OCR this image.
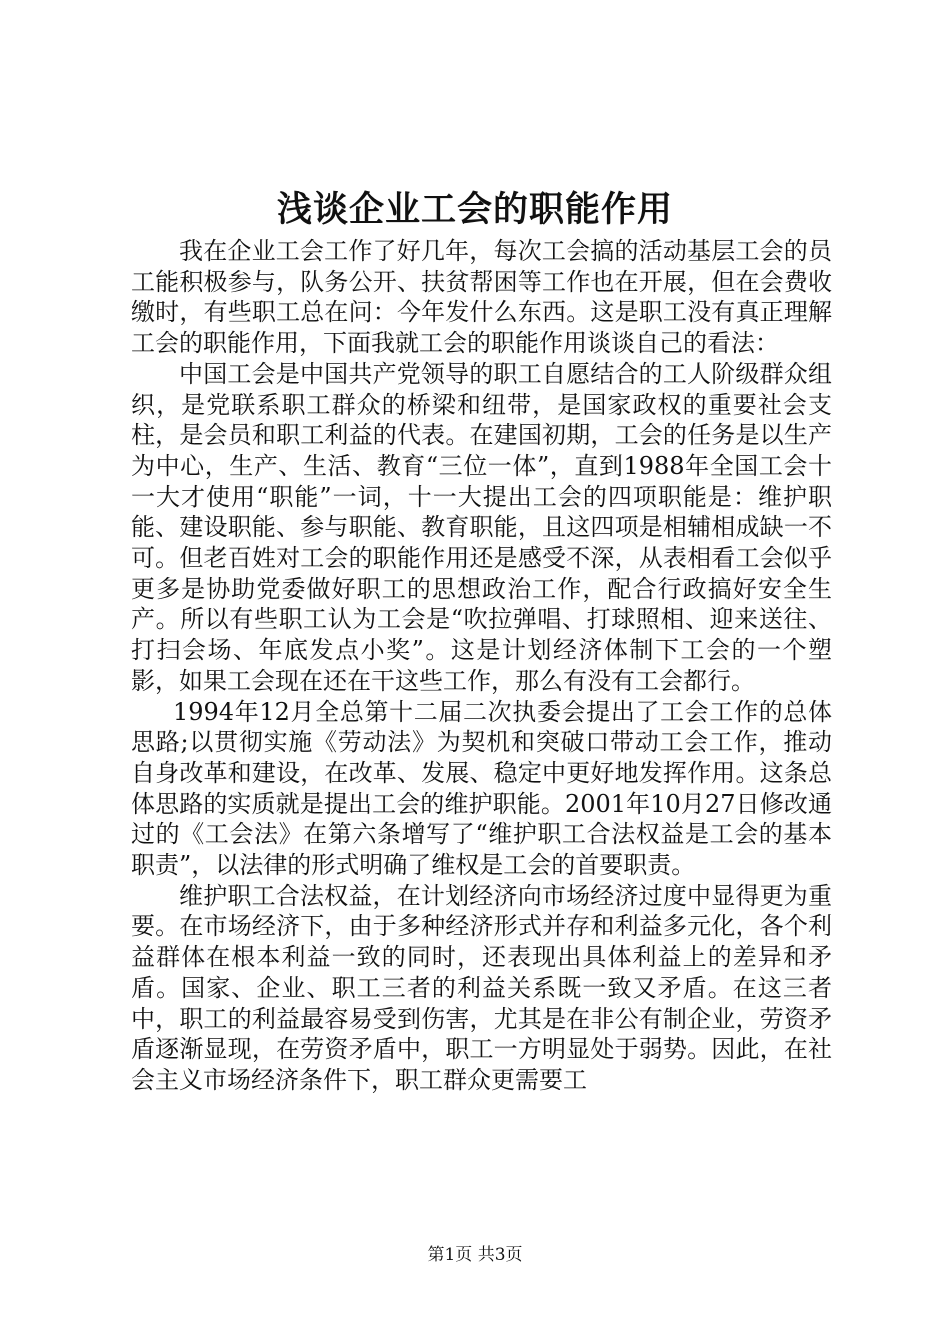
浅谈企业工会的职能作用

我在企业工会工作了好几年，每次工会搞的活动基层工会的员工能积极参与，队务公开、扶贫帮困等工作也在开展，但在会费收缴时，有些职工总在问：今年发什么东西。这是职工没有真正理解工会的职能作用，下面我就工会的职能作用谈谈自己的看法：

中国工会是中国共产党领导的职工自愿结合的工人阶级群众组织，是党联系职工群众的桥梁和纽带，是国家政权的重要社会支柱，是会员和职工利益的代表。在建国初期，工会的任务是以生产为中心，生产、生活、教育“三位一体”，直到1988年全国工会十一大才使用“职能”一词，十一大提出工会的四项职能是：维护职能、建设职能、参与职能、教育职能，且这四项是相辅相成缺一不可。但老百姓对工会的职能作用还是感受不深，从表相看工会似乎更多是协助党委做好职工的思想政治工作，配合行政搞好安全生产。所以有些职工认为工会是“吹拉弹唱、打球照相、迎来送往、打扫会场、年底发点小奖”。这是计划经济体制下工会的一个塑影，如果工会现在还在干这些工作，那么有没有工会都行。

1994年12月全总第十二届二次执委会提出了工会工作的总体思路;以贯彻实施《劳动法》为契机和突破口带动工会工作，推动自身改革和建设，在改革、发展、稳定中更好地发挥作用。这条总体思路的实质就是提出工会的维护职能。2001年10月27日修改通过的《工会法》在第六条增写了“维护职工合法权益是工会的基本职责”，以法律的形式明确了维权是工会的首要职责。

维护职工合法权益，在计划经济向市场经济过度中显得更为重要。在市场经济下，由于多种经济形式并存和利益多元化，各个利益群体在根本利益一致的同时，还表现出具体利益上的差异和矛盾。国家、企业、职工三者的利益关系既一致又矛盾。在这三者中，职工的利益最容易受到伤害，尤其是在非公有制企业，劳资矛盾逐渐显现，在劳资矛盾中，职工一方明显处于弱势。因此，在社会主义市场经济条件下，职工群众更需要工

第1页 共3页
